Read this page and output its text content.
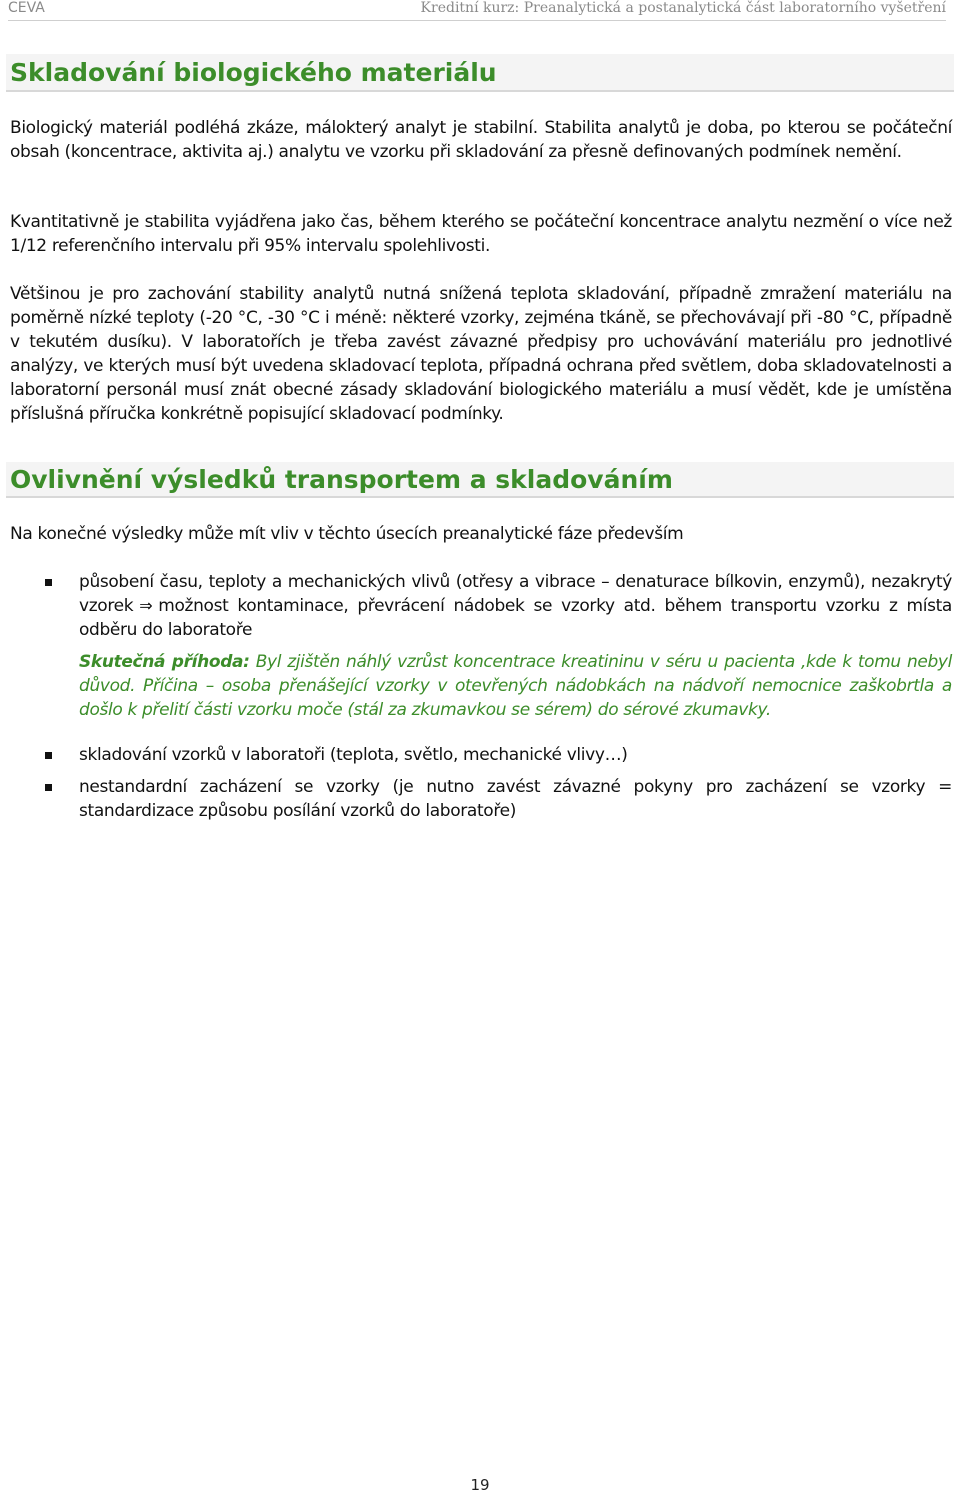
CEVA	Kreditní kurz: Preanalytická a postanalytická část laboratorního vyšetření
Skladování biologického materiálu

Biologický materiál podléhá zkáze, málokterý analyt je stabilní. Stabilita analytů je doba, po kterou se počáteční obsah (koncentrace, aktivita aj.) analytu ve vzorku při skladování za přesně definovaných podmínek nemění.

Kvantitativně je stabilita vyjádřena jako čas, během kterého se počáteční koncentrace analytu nezmění o více než 1/12 referenčního intervalu při 95% intervalu spolehlivosti.

Většinou je pro zachování stability analytů nutná snížená teplota skladování, případně zmražení materiálu na poměrně nízké teploty (-20 °C, -30 °C i méně: některé vzorky, zejména tkáně, se přechovávají při -80 °C, případně v tekutém dusíku). V laboratořích je třeba zavést závazné předpisy pro uchovávání materiálu pro jednotlivé analýzy, ve kterých musí být uvedena skladovací teplota, případná ochrana před světlem, doba skladovatelnosti a laboratorní personál musí znát obecné zásady skladování biologického materiálu a musí vědět, kde je umístěna příslušná příručka konkrétně popisující skladovací podmínky.

Ovlivnění výsledků transportem a skladováním

Na konečné výsledky může mít vliv v těchto úsecích preanalytické fáze především

působení času, teploty a mechanických vlivů (otřesy a vibrace – denaturace bílkovin, enzymů), nezakrytý vzorek ⇒ možnost kontaminace, převrácení nádobek se vzorky atd. během transportu vzorku z místa odběru do laboratoře

skladování vzorků v laboratoři (teplota, světlo, mechanické vlivy…)

nestandardní zacházení se vzorky (je nutno zavést závazné pokyny pro zacházení se vzorky = standardizace způsobu posílání vzorků do laboratoře)

Skutečná příhoda: Byl zjištěn náhlý vzrůst koncentrace kreatininu v séru u pacienta ,kde k tomu nebyl důvod. Příčina – osoba přenášející vzorky v otevřených nádobkách na nádvoří nemocnice zaškobrtla a došlo k přelití části vzorku moče (stál za zkumavkou se sérem) do sérové zkumavky.

19
